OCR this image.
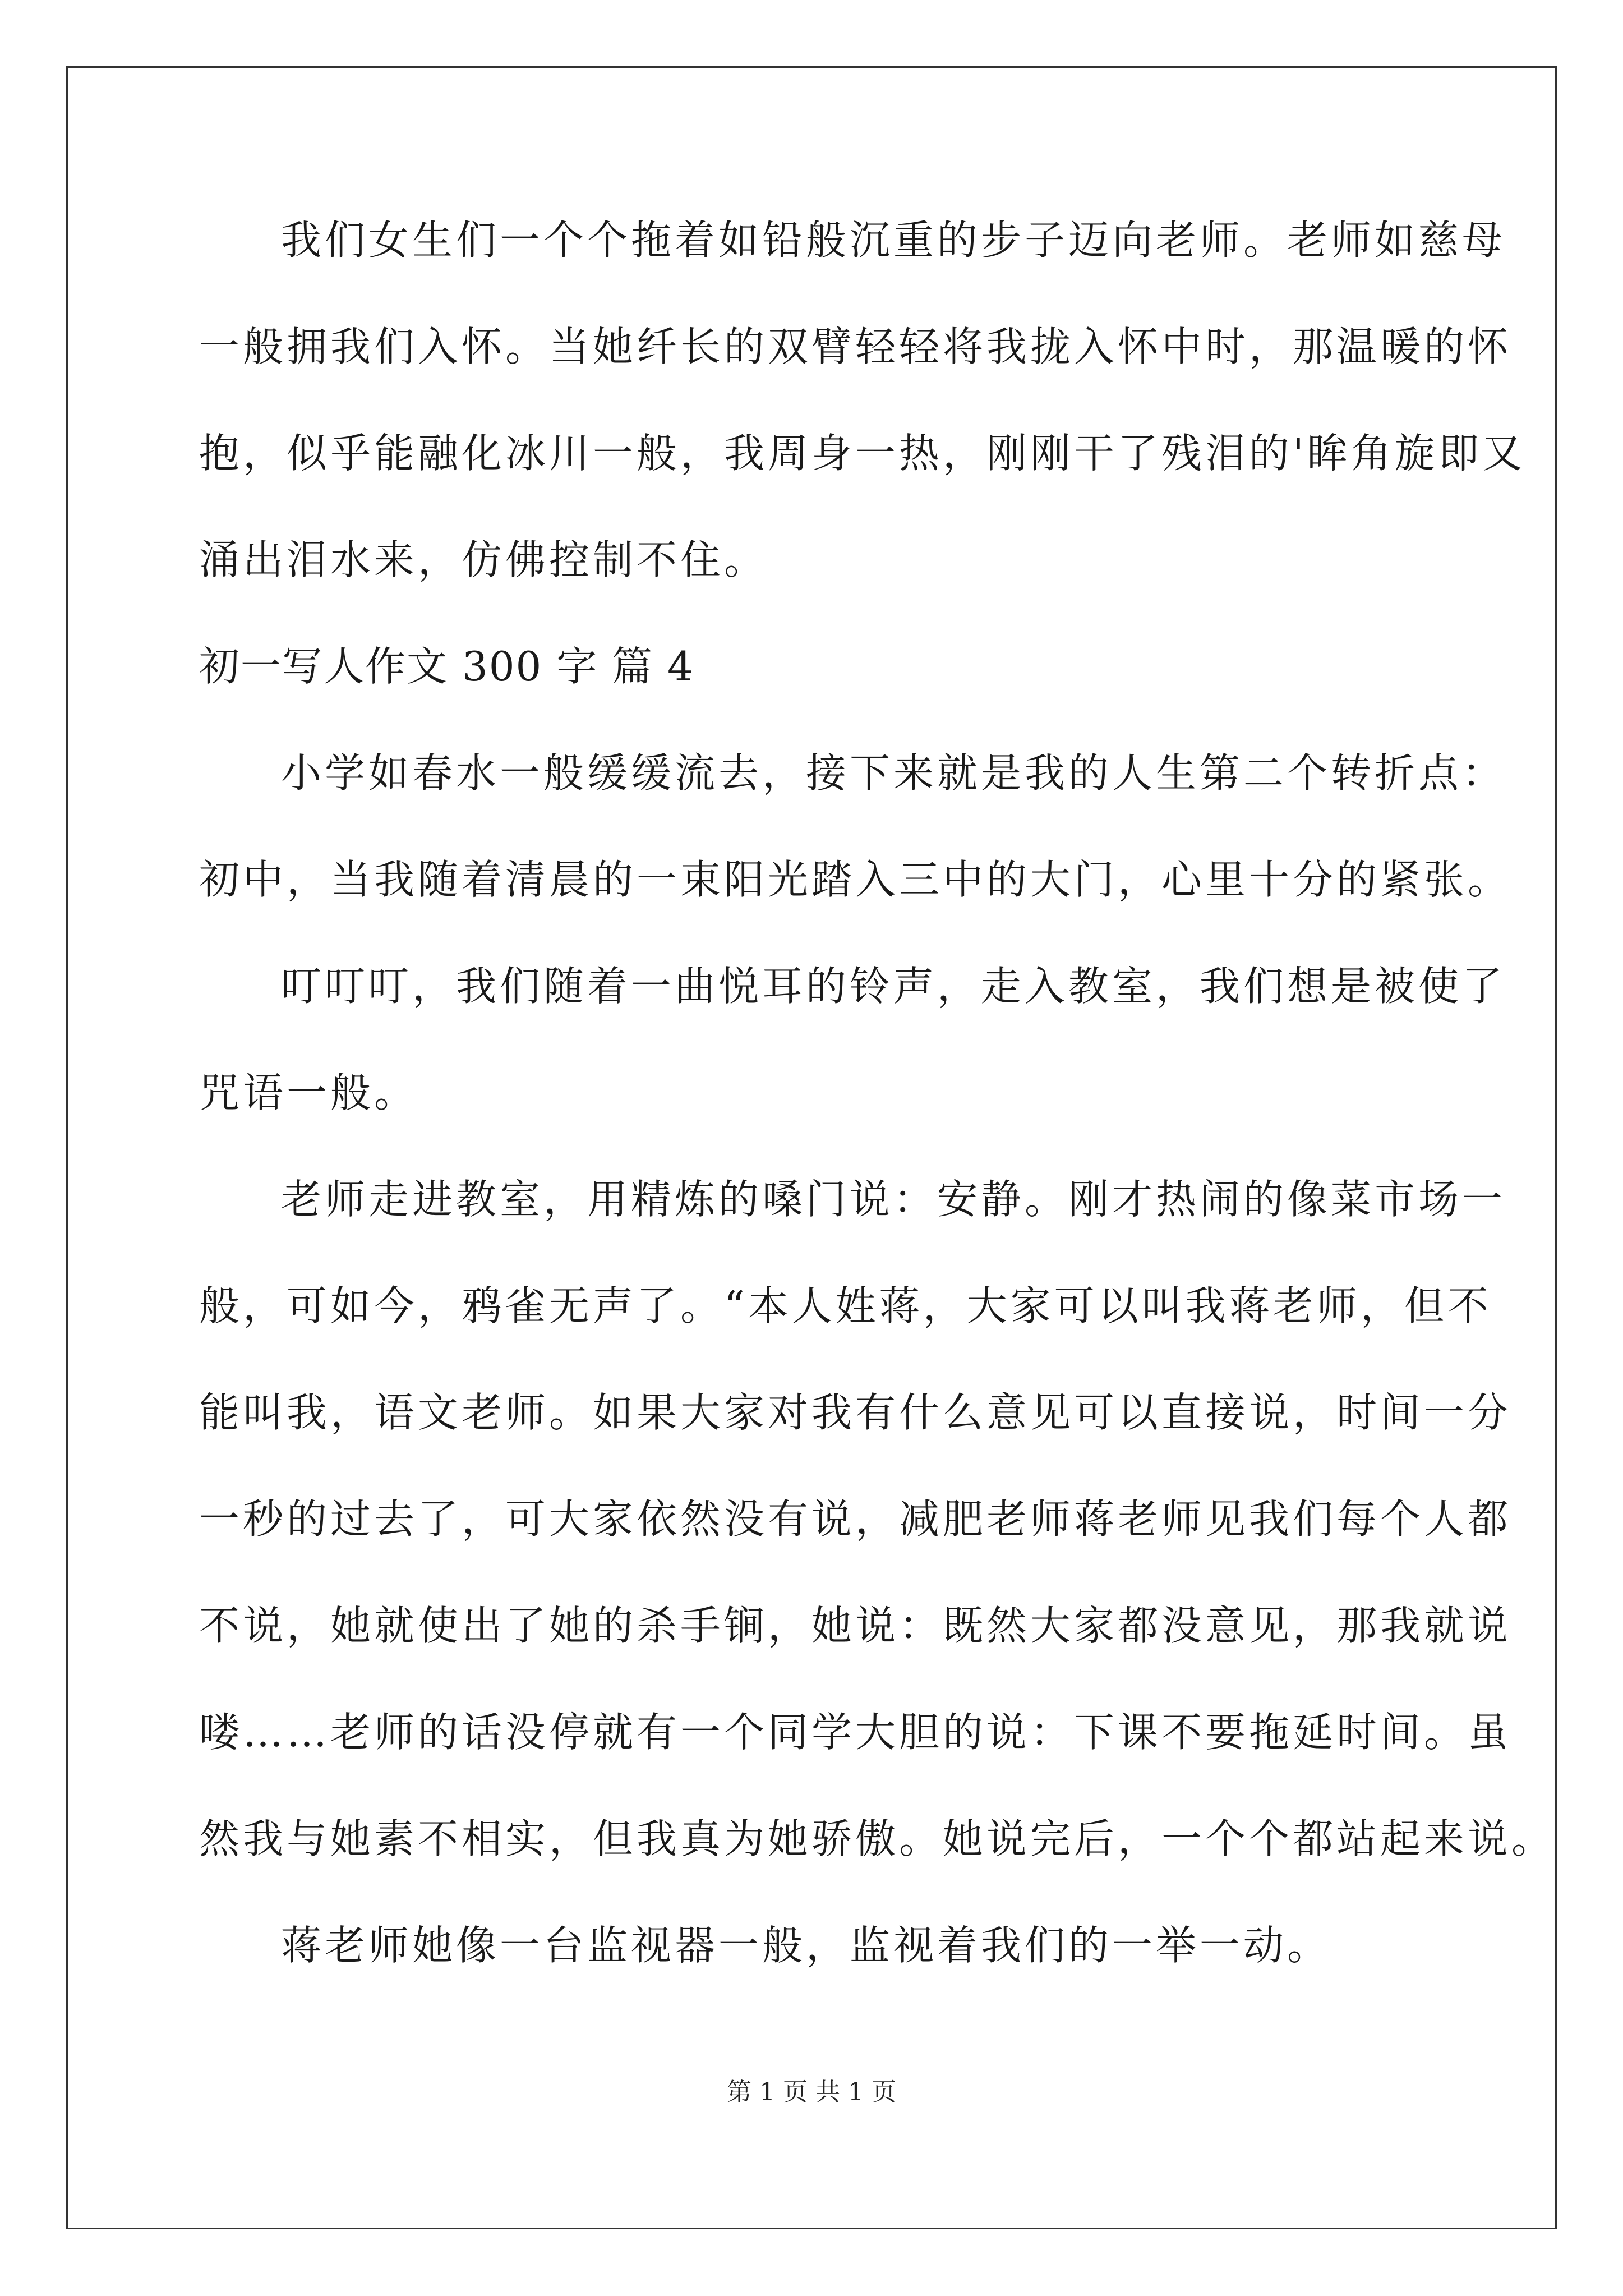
我们女生们一个个拖着如铅般沉重的步子迈向老师。老师如慈母
一般拥我们入怀。当她纤长的双臂轻轻将我拢入怀中时，那温暖的怀
抱，似乎能融化冰川一般，我周身一热，刚刚干了残泪的'眸角旋即又
涌出泪水来，仿佛控制不住。
初一写人作文 300 字 篇 4
小学如春水一般缓缓流去，接下来就是我的人生第二个转折点：
初中，当我随着清晨的一束阳光踏入三中的大门，心里十分的紧张。
叮叮叮，我们随着一曲悦耳的铃声，走入教室，我们想是被使了
咒语一般。
老师走进教室，用精炼的嗓门说：安静。刚才热闹的像菜市场一
般，可如今，鸦雀无声了。“本人姓蒋，大家可以叫我蒋老师，但不
能叫我，语文老师。如果大家对我有什么意见可以直接说，时间一分
一秒的过去了，可大家依然没有说，减肥老师蒋老师见我们每个人都
不说，她就使出了她的杀手锏，她说：既然大家都没意见，那我就说
喽……老师的话没停就有一个同学大胆的说：下课不要拖延时间。虽
然我与她素不相实，但我真为她骄傲。她说完后，一个个都站起来说。
蒋老师她像一台监视器一般，监视着我们的一举一动。
第 1 页 共 1 页
